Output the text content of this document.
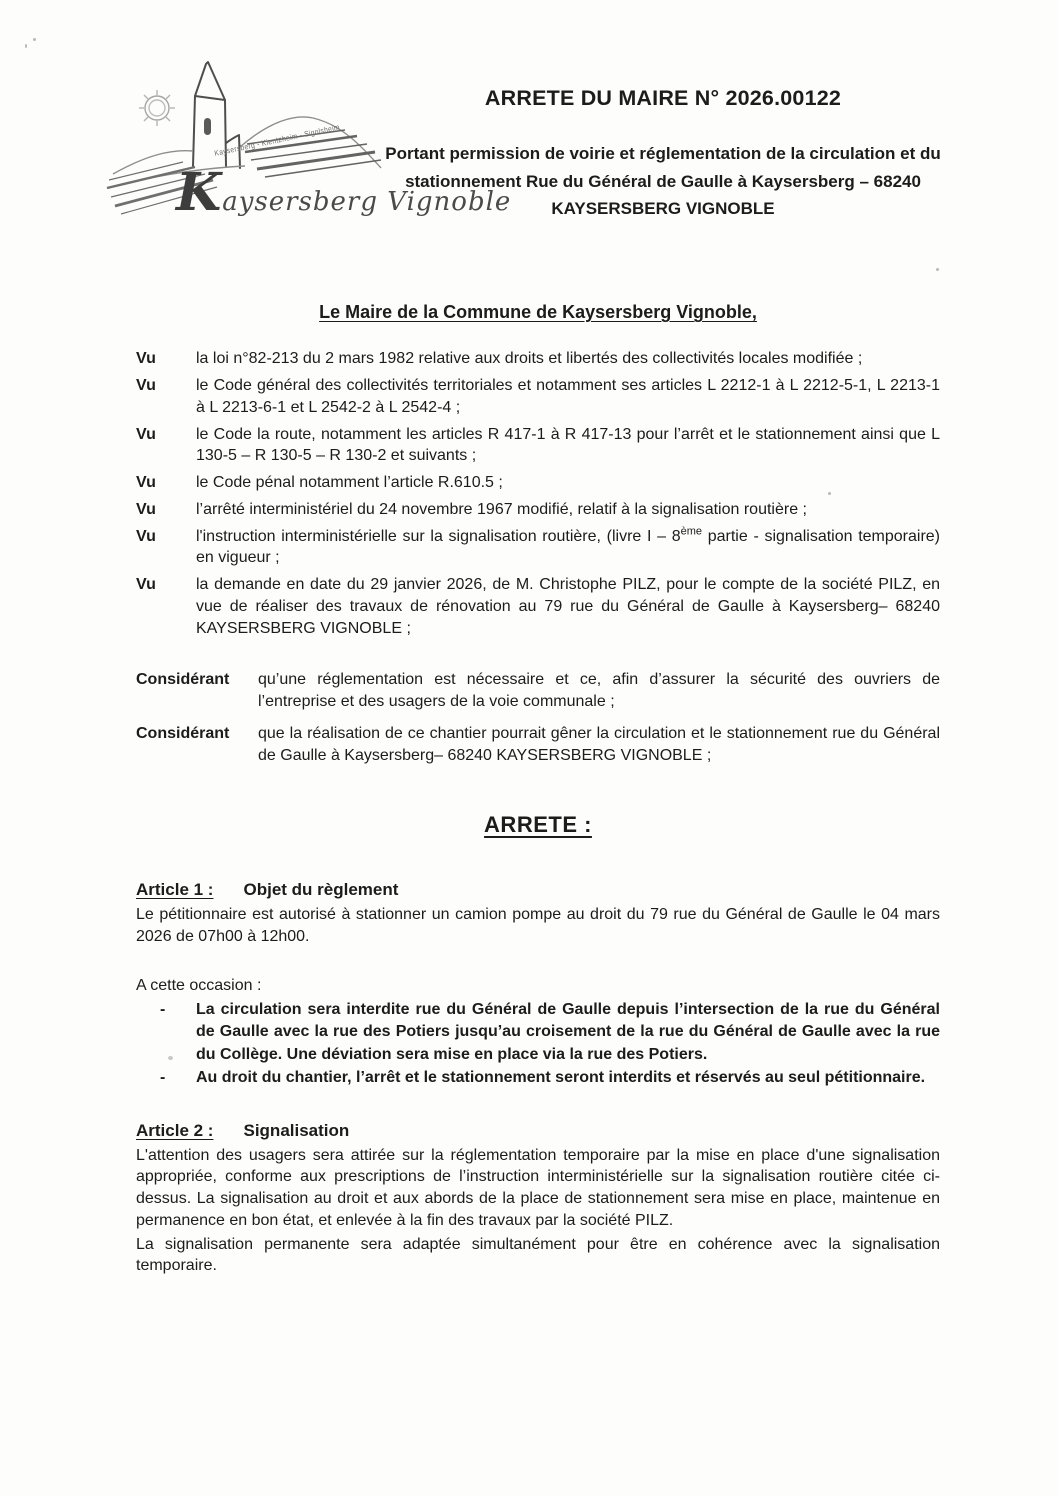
Kaysersberg - Kientzheim - Sigolsheim
Kaysersberg Vignoble
ARRETE DU MAIRE N° 2026.00122
Portant permission de voirie et réglementation de la circulation et du stationnement Rue du Général de Gaulle à Kaysersberg – 68240 KAYSERSBERG VIGNOBLE
Le Maire de la Commune de Kaysersberg Vignoble,
Vu	la loi n°82-213 du 2 mars 1982 relative aux droits et libertés des collectivités locales modifiée ;
Vu	le Code général des collectivités territoriales et notamment ses articles L 2212-1 à L 2212-5-1, L 2213-1 à L 2213-6-1 et L 2542-2 à L 2542-4 ;
Vu	le Code la route, notamment les articles R 417-1 à R 417-13 pour l’arrêt et le stationnement ainsi que L 130-5 – R 130-5 – R 130-2 et suivants ;
Vu	le Code pénal notamment l’article R.610.5 ;
Vu	l’arrêté interministériel du 24 novembre 1967 modifié, relatif à la signalisation routière ;
Vu	l'instruction interministérielle sur la signalisation routière, (livre I – 8ème partie - signalisation temporaire) en vigueur ;
Vu	la demande en date du 29 janvier 2026, de M. Christophe PILZ, pour le compte de la société PILZ, en vue de réaliser des travaux de rénovation au 79 rue du Général de Gaulle à Kaysersberg– 68240 KAYSERSBERG VIGNOBLE ;
Considérant	qu’une réglementation est nécessaire et ce, afin d’assurer la sécurité des ouvriers de l’entreprise et des usagers de la voie communale ;
Considérant	que la réalisation de ce chantier pourrait gêner la circulation et le stationnement rue du Général de Gaulle à Kaysersberg– 68240 KAYSERSBERG VIGNOBLE ;
ARRETE :
Article 1 : Objet du règlement
Le pétitionnaire est autorisé à stationner un camion pompe au droit du 79 rue du Général de Gaulle le 04 mars 2026 de 07h00 à 12h00.
A cette occasion :
-	La circulation sera interdite rue du Général de Gaulle depuis l’intersection de la rue du Général de Gaulle avec la rue des Potiers jusqu’au croisement de la rue du Général de Gaulle avec la rue du Collège. Une déviation sera mise en place via la rue des Potiers.
-	Au droit du chantier, l’arrêt et le stationnement seront interdits et réservés au seul pétitionnaire.
Article 2 : Signalisation
L'attention des usagers sera attirée sur la réglementation temporaire par la mise en place d'une signalisation appropriée, conforme aux prescriptions de l’instruction interministérielle sur la signalisation routière citée ci-dessus. La signalisation au droit et aux abords de la place de stationnement sera mise en place, maintenue en permanence en bon état, et enlevée à la fin des travaux par la société PILZ.
La signalisation permanente sera adaptée simultanément pour être en cohérence avec la signalisation temporaire.
